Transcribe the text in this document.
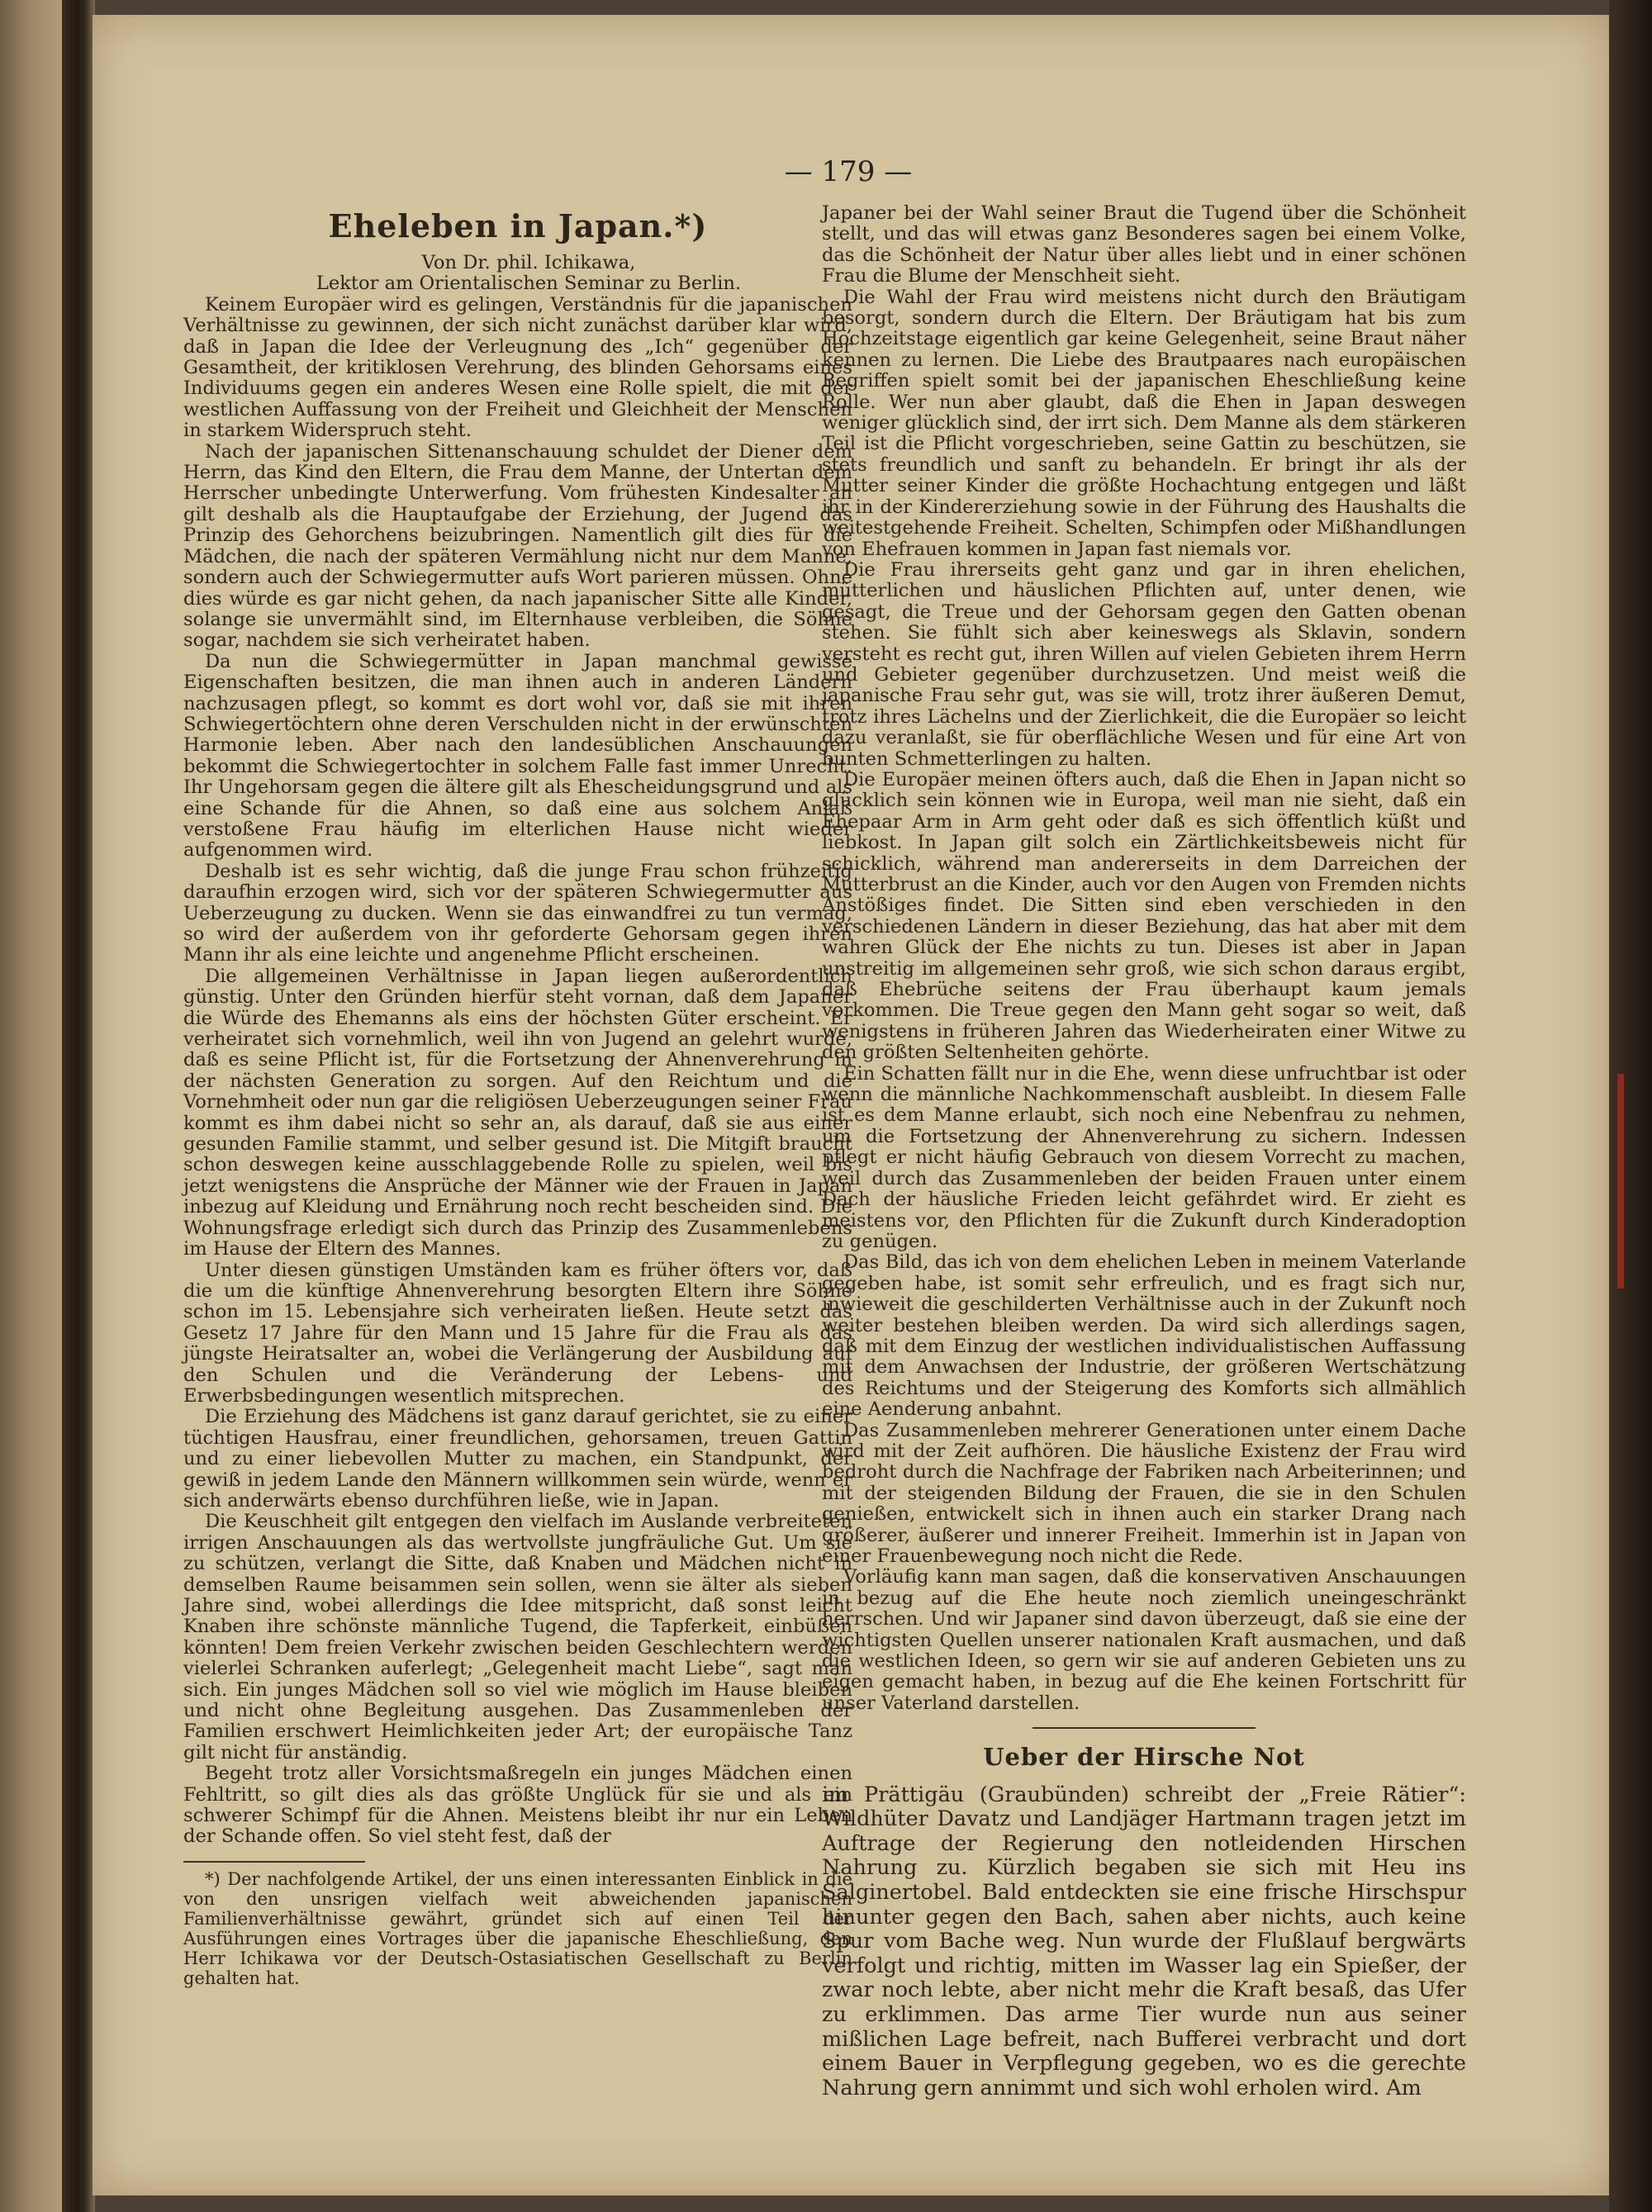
— 179 —
Eheleben in Japan.*)

Von Dr. phil. Ichikawa,

Lektor am Orientalischen Seminar zu Berlin.

Keinem Europäer wird es gelingen, Verständnis für die japanischen Verhältnisse zu gewinnen, der sich nicht zunächst darüber klar wird, daß in Japan die Idee der Verleugnung des „Ich“ gegenüber der Gesamtheit, der kritiklosen Verehrung, des blinden Gehorsams eines Individuums gegen ein anderes Wesen eine Rolle spielt, die mit der westlichen Auffassung von der Freiheit und Gleichheit der Menschen in starkem Widerspruch steht.

Nach der japanischen Sittenanschauung schuldet der Diener dem Herrn, das Kind den Eltern, die Frau dem Manne, der Untertan dem Herrscher unbedingte Unterwerfung. Vom frühesten Kindesalter an gilt deshalb als die Hauptaufgabe der Erziehung, der Jugend das Prinzip des Gehorchens beizubringen. Namentlich gilt dies für die Mädchen, die nach der späteren Vermählung nicht nur dem Manne, sondern auch der Schwiegermutter aufs Wort parieren müssen. Ohne dies würde es gar nicht gehen, da nach japanischer Sitte alle Kinder, solange sie unvermählt sind, im Elternhause verbleiben, die Söhne sogar, nachdem sie sich verheiratet haben.

Da nun die Schwiegermütter in Japan manchmal gewisse Eigenschaften besitzen, die man ihnen auch in anderen Ländern nachzusagen pflegt, so kommt es dort wohl vor, daß sie mit ihren Schwiegertöchtern ohne deren Verschulden nicht in der erwünschten Harmonie leben. Aber nach den landesüblichen Anschauungen bekommt die Schwiegertochter in solchem Falle fast immer Unrecht. Ihr Ungehorsam gegen die ältere gilt als Ehescheidungsgrund und als eine Schande für die Ahnen, so daß eine aus solchem Anlaß verstoßene Frau häufig im elterlichen Hause nicht wieder aufgenommen wird.

Deshalb ist es sehr wichtig, daß die junge Frau schon frühzeitig daraufhin erzogen wird, sich vor der späteren Schwiegermutter aus Ueberzeugung zu ducken. Wenn sie das einwandfrei zu tun vermag, so wird der außerdem von ihr geforderte Gehorsam gegen ihren Mann ihr als eine leichte und angenehme Pflicht erscheinen.

Die allgemeinen Verhältnisse in Japan liegen außerordentlich günstig. Unter den Gründen hierfür steht vornan, daß dem Japaner die Würde des Ehemanns als eins der höchsten Güter erscheint. Er verheiratet sich vornehmlich, weil ihn von Jugend an gelehrt wurde, daß es seine Pflicht ist, für die Fortsetzung der Ahnenverehrung in der nächsten Generation zu sorgen. Auf den Reichtum und die Vornehmheit oder nun gar die religiösen Ueberzeugungen seiner Frau kommt es ihm dabei nicht so sehr an, als darauf, daß sie aus einer gesunden Familie stammt, und selber gesund ist. Die Mitgift braucht schon deswegen keine ausschlaggebende Rolle zu spielen, weil bis jetzt wenigstens die Ansprüche der Männer wie der Frauen in Japan inbezug auf Kleidung und Ernährung noch recht bescheiden sind. Die Wohnungsfrage erledigt sich durch das Prinzip des Zusammenlebens im Hause der Eltern des Mannes.

Unter diesen günstigen Umständen kam es früher öfters vor, daß die um die künftige Ahnenverehrung besorgten Eltern ihre Söhne schon im 15. Lebensjahre sich verheiraten ließen. Heute setzt das Gesetz 17 Jahre für den Mann und 15 Jahre für die Frau als das jüngste Heiratsalter an, wobei die Verlängerung der Ausbildung auf den Schulen und die Veränderung der Lebens- und Erwerbsbedingungen wesentlich mitsprechen.

Die Erziehung des Mädchens ist ganz darauf gerichtet, sie zu einer tüchtigen Hausfrau, einer freundlichen, gehorsamen, treuen Gattin und zu einer liebevollen Mutter zu machen, ein Standpunkt, der gewiß in jedem Lande den Männern willkommen sein würde, wenn er sich anderwärts ebenso durchführen ließe, wie in Japan.

Die Keuschheit gilt entgegen den vielfach im Auslande verbreiteten irrigen Anschauungen als das wertvollste jungfräuliche Gut. Um sie zu schützen, verlangt die Sitte, daß Knaben und Mädchen nicht in demselben Raume beisammen sein sollen, wenn sie älter als sieben Jahre sind, wobei allerdings die Idee mitspricht, daß sonst leicht Knaben ihre schönste männliche Tugend, die Tapferkeit, einbüßen könnten! Dem freien Verkehr zwischen beiden Geschlechtern werden vielerlei Schranken auferlegt; „Gelegenheit macht Liebe“, sagt man sich. Ein junges Mädchen soll so viel wie möglich im Hause bleiben und nicht ohne Begleitung ausgehen. Das Zusammenleben der Familien erschwert Heimlichkeiten jeder Art; der europäische Tanz gilt nicht für anständig.

Begeht trotz aller Vorsichtsmaßregeln ein junges Mädchen einen Fehltritt, so gilt dies als das größte Unglück für sie und als ein schwerer Schimpf für die Ahnen. Meistens bleibt ihr nur ein Leben der Schande offen. So viel steht fest, daß der

*) Der nachfolgende Artikel, der uns einen interessanten Einblick in die von den unsrigen vielfach weit abweichenden japanischen Familienverhältnisse gewährt, gründet sich auf einen Teil der Ausführungen eines Vortrages über die japanische Eheschließung, den Herr Ichikawa vor der Deutsch-Ostasiatischen Gesellschaft zu Berlin gehalten hat.

Japaner bei der Wahl seiner Braut die Tugend über die Schönheit stellt, und das will etwas ganz Besonderes sagen bei einem Volke, das die Schönheit der Natur über alles liebt und in einer schönen Frau die Blume der Menschheit sieht.

Die Wahl der Frau wird meistens nicht durch den Bräutigam besorgt, sondern durch die Eltern. Der Bräutigam hat bis zum Hochzeitstage eigentlich gar keine Gelegenheit, seine Braut näher kennen zu lernen. Die Liebe des Brautpaares nach europäischen Begriffen spielt somit bei der japanischen Eheschließung keine Rolle. Wer nun aber glaubt, daß die Ehen in Japan deswegen weniger glücklich sind, der irrt sich. Dem Manne als dem stärkeren Teil ist die Pflicht vorgeschrieben, seine Gattin zu beschützen, sie stets freundlich und sanft zu behandeln. Er bringt ihr als der Mutter seiner Kinder die größte Hochachtung entgegen und läßt ihr in der Kindererziehung sowie in der Führung des Haushalts die weitestgehende Freiheit. Schelten, Schimpfen oder Mißhandlungen von Ehefrauen kommen in Japan fast niemals vor.

Die Frau ihrerseits geht ganz und gar in ihren ehelichen, mütterlichen und häuslichen Pflichten auf, unter denen, wie gesagt, die Treue und der Gehorsam gegen den Gatten obenan stehen. Sie fühlt sich aber keineswegs als Sklavin, sondern versteht es recht gut, ihren Willen auf vielen Gebieten ihrem Herrn und Gebieter gegenüber durchzusetzen. Und meist weiß die japanische Frau sehr gut, was sie will, trotz ihrer äußeren Demut, trotz ihres Lächelns und der Zierlichkeit, die die Europäer so leicht dazu veranlaßt, sie für oberflächliche Wesen und für eine Art von bunten Schmetterlingen zu halten.

Die Europäer meinen öfters auch, daß die Ehen in Japan nicht so glücklich sein können wie in Europa, weil man nie sieht, daß ein Ehepaar Arm in Arm geht oder daß es sich öffentlich küßt und liebkost. In Japan gilt solch ein Zärtlichkeitsbeweis nicht für schicklich, während man andererseits in dem Darreichen der Mutterbrust an die Kinder, auch vor den Augen von Fremden nichts Anstößiges findet. Die Sitten sind eben verschieden in den verschiedenen Ländern in dieser Beziehung, das hat aber mit dem wahren Glück der Ehe nichts zu tun. Dieses ist aber in Japan unstreitig im allgemeinen sehr groß, wie sich schon daraus ergibt, daß Ehebrüche seitens der Frau überhaupt kaum jemals vorkommen. Die Treue gegen den Mann geht sogar so weit, daß wenigstens in früheren Jahren das Wiederheiraten einer Witwe zu den größten Seltenheiten gehörte.

Ein Schatten fällt nur in die Ehe, wenn diese unfruchtbar ist oder wenn die männliche Nachkommenschaft ausbleibt. In diesem Falle ist es dem Manne erlaubt, sich noch eine Nebenfrau zu nehmen, um die Fortsetzung der Ahnenverehrung zu sichern. Indessen pflegt er nicht häufig Gebrauch von diesem Vorrecht zu machen, weil durch das Zusammenleben der beiden Frauen unter einem Dach der häusliche Frieden leicht gefährdet wird. Er zieht es meistens vor, den Pflichten für die Zukunft durch Kinderadoption zu genügen.

Das Bild, das ich von dem ehelichen Leben in meinem Vaterlande gegeben habe, ist somit sehr erfreulich, und es fragt sich nur, inwieweit die geschilderten Verhältnisse auch in der Zukunft noch weiter bestehen bleiben werden. Da wird sich allerdings sagen, daß mit dem Einzug der westlichen individualistischen Auffassung mit dem Anwachsen der Industrie, der größeren Wertschätzung des Reichtums und der Steigerung des Komforts sich allmählich eine Aenderung anbahnt.

Das Zusammenleben mehrerer Generationen unter einem Dache wird mit der Zeit aufhören. Die häusliche Existenz der Frau wird bedroht durch die Nachfrage der Fabriken nach Arbeiterinnen; und mit der steigenden Bildung der Frauen, die sie in den Schulen genießen, entwickelt sich in ihnen auch ein starker Drang nach größerer, äußerer und innerer Freiheit. Immerhin ist in Japan von einer Frauenbewegung noch nicht die Rede.

Vorläufig kann man sagen, daß die konservativen Anschauungen in bezug auf die Ehe heute noch ziemlich uneingeschränkt herrschen. Und wir Japaner sind davon überzeugt, daß sie eine der wichtigsten Quellen unserer nationalen Kraft ausmachen, und daß die westlichen Ideen, so gern wir sie auf anderen Gebieten uns zu eigen gemacht haben, in bezug auf die Ehe keinen Fortschritt für unser Vaterland darstellen.

Ueber der Hirsche Not

im Prättigäu (Graubünden) schreibt der „Freie Rätier“: Wildhüter Davatz und Landjäger Hartmann tragen jetzt im Auftrage der Regierung den notleidenden Hirschen Nahrung zu. Kürzlich begaben sie sich mit Heu ins Salginertobel. Bald entdeckten sie eine frische Hirschspur hinunter gegen den Bach, sahen aber nichts, auch keine Spur vom Bache weg. Nun wurde der Flußlauf bergwärts verfolgt und richtig, mitten im Wasser lag ein Spießer, der zwar noch lebte, aber nicht mehr die Kraft besaß, das Ufer zu erklimmen. Das arme Tier wurde nun aus seiner mißlichen Lage befreit, nach Bufferei verbracht und dort einem Bauer in Verpflegung gegeben, wo es die gerechte Nahrung gern annimmt und sich wohl erholen wird. Am
